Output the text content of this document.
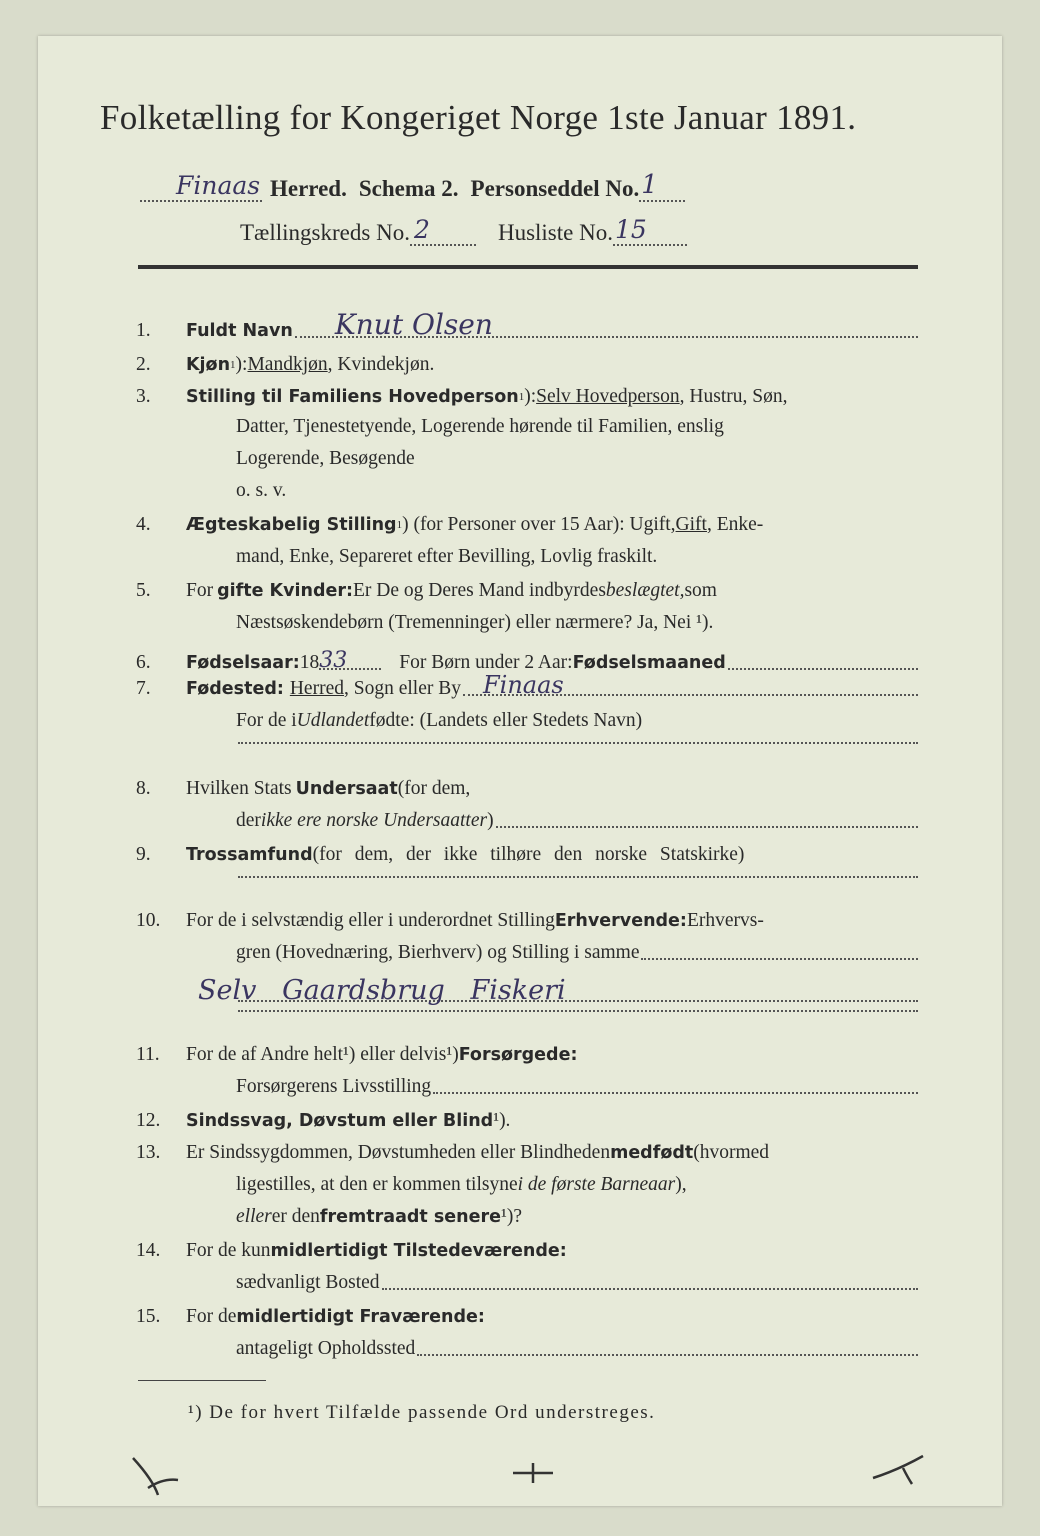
Folketælling for Kongeriget Norge 1ste Januar 1891.
Finaas Herred. Schema 2. Personseddel No. 1
Tællingskreds No. 2	Husliste No. 15
1.	Fuldt Navn Knut Olsen
2.	Kjøn 1 ): Mandkjøn , Kvindekjøn.
3.	Stilling til Familiens Hovedperson 1 ): Selv Hovedperson , Hustru, Søn,
Datter, Tjenestetyende, Logerende hørende til Familien, enslig
Logerende, Besøgende
o. s. v.
4.	Ægteskabelig Stilling 1 ) (for Personer over 15 Aar): Ugift, Gift , Enke-
mand, Enke, Separeret efter Bevilling, Lovlig fraskilt.
5.	For gifte Kvinder: Er De og Deres Mand indbyrdes beslægtet, som
Næstsøskendebørn (Tremenninger) eller nærmere? Ja, Nei ¹).
6.	Fødselsaar: 18 33	For Børn under 2 Aar: Fødselsmaaned
7.	Fødested: Herred , Sogn eller By Finaas
For de i Udlandet fødte: (Landets eller Stedets Navn)
8.	Hvilken Stats Undersaat (for dem,
der ikke ere norske Undersaatter )
9.	Trossamfund (for dem, der ikke tilhøre den norske Statskirke)
10.	For de i selvstændig eller i underordnet Stilling Erhvervende: Erhvervs-
gren (Hovednæring, Bierhverv) og Stilling i samme
Selv   Gaardsbrug   Fiskeri
11.	For de af Andre helt¹) eller delvis¹) Forsørgede:
Forsørgerens Livsstilling
12.	Sindssvag, Døvstum eller Blind ¹).
13.	Er Sindssygdommen, Døvstumheden eller Blindheden medfødt (hvormed
ligestilles, at den er kommen tilsyne i de første Barneaar ),
eller er den fremtraadt senere ¹)?
14.	For de kun midlertidigt Tilstedeværende:
sædvanligt Bosted
15.	For de midlertidigt Fraværende:
antageligt Opholdssted
¹) De for hvert Tilfælde passende Ord understreges.
